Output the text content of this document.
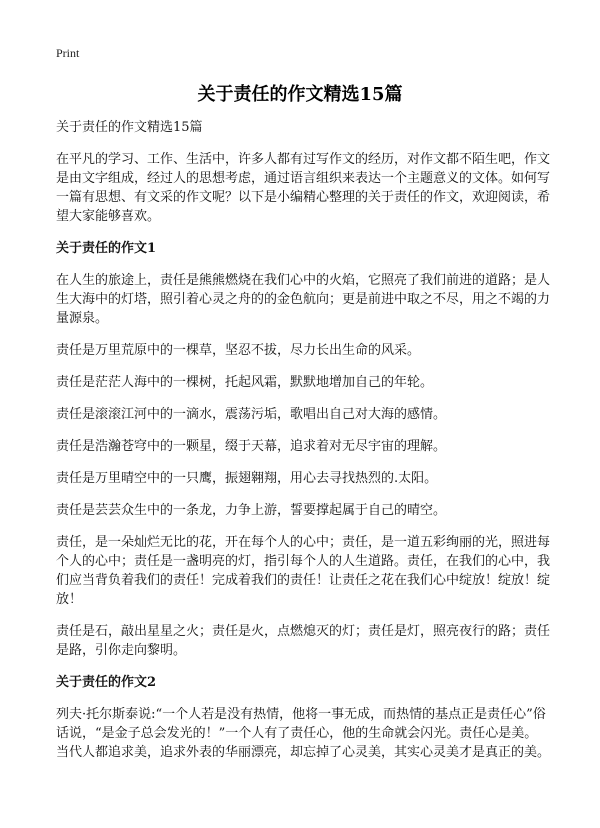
Print
关于责任的作文精选15篇

关于责任的作文精选15篇

在平凡的学习、工作、生活中，许多人都有过写作文的经历，对作文都不陌生吧，作文是由文字组成，经过人的思想考虑，通过语言组织来表达一个主题意义的文体。如何写一篇有思想、有文采的作文呢？以下是小编精心整理的关于责任的作文，欢迎阅读，希望大家能够喜欢。

关于责任的作文1

在人生的旅途上，责任是熊熊燃烧在我们心中的火焰，它照亮了我们前进的道路；是人生大海中的灯塔，照引着心灵之舟的的金色航向；更是前进中取之不尽，用之不竭的力量源泉。

责任是万里荒原中的一棵草，坚忍不拔，尽力长出生命的风采。

责任是茫茫人海中的一棵树，托起风霜，默默地增加自己的年轮。

责任是滚滚江河中的一滴水，震荡污垢，歌唱出自己对大海的感情。

责任是浩瀚苍穹中的一颗星，缀于天幕，追求着对无尽宇宙的理解。

责任是万里晴空中的一只鹰，振翅翱翔，用心去寻找热烈的.太阳。

责任是芸芸众生中的一条龙，力争上游，誓要撑起属于自己的晴空。

责任，是一朵灿烂无比的花，开在每个人的心中；责任，是一道五彩绚丽的光，照进每个人的心中；责任是一盏明亮的灯，指引每个人的人生道路。责任，在我们的心中，我们应当背负着我们的责任！完成着我们的责任！让责任之花在我们心中绽放！绽放！绽放！

责任是石，敲出星星之火；责任是火，点燃熄灭的灯；责任是灯，照亮夜行的路；责任是路，引你走向黎明。

关于责任的作文2

列夫·托尔斯泰说:“一个人若是没有热情，他将一事无成，而热情的基点正是责任心”俗话说，“是金子总会发光的！”一个人有了责任心，他的生命就会闪光。责任心是美。当代人都追求美，追求外表的华丽漂亮，却忘掉了心灵美，其实心灵美才是真正的美。
